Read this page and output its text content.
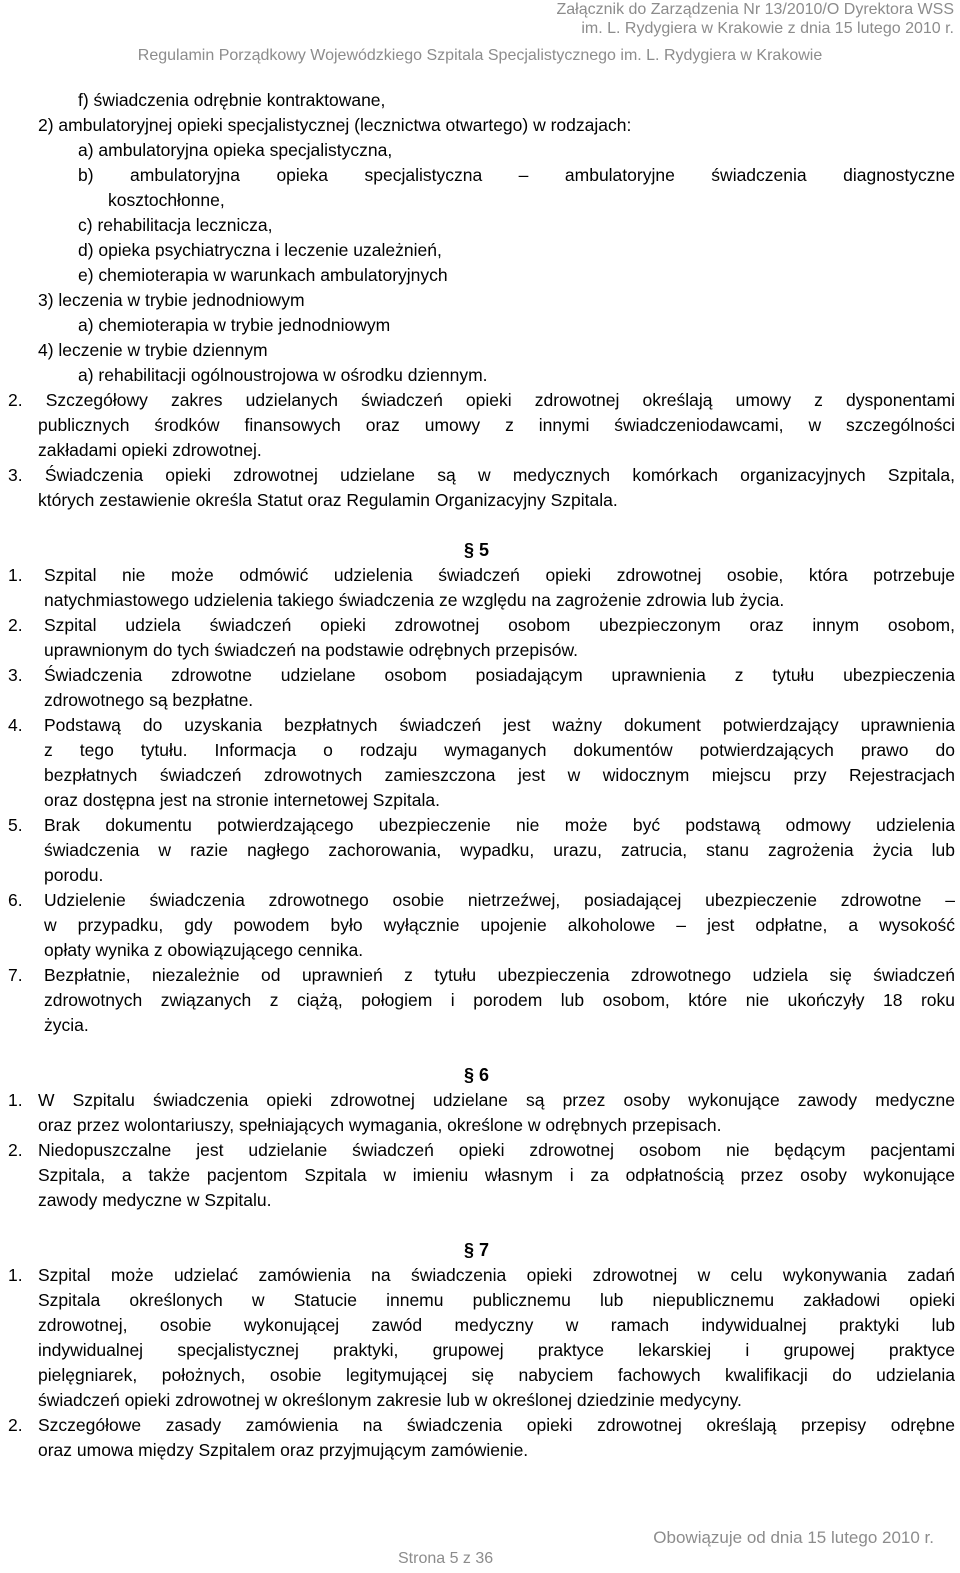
Załącznik do Zarządzenia Nr 13/2010/O Dyrektora WSS
im. L. Rydygiera w Krakowie z dnia 15 lutego 2010 r.
Regulamin Porządkowy Wojewódzkiego Szpitala Specjalistycznego im. L. Rydygiera w Krakowie
f) świadczenia odrębnie kontraktowane,
2) ambulatoryjnej opieki specjalistycznej (lecznictwa otwartego) w rodzajach:
a) ambulatoryjna opieka specjalistyczna,
b) ambulatoryjna opieka specjalistyczna – ambulatoryjne świadczenia diagnostyczne
kosztochłonne,
c) rehabilitacja lecznicza,
d) opieka psychiatryczna i leczenie uzależnień,
e) chemioterapia w warunkach ambulatoryjnych
3) leczenia w trybie jednodniowym
a) chemioterapia w trybie jednodniowym
4) leczenie w trybie dziennym
a) rehabilitacji ogólnoustrojowa w ośrodku dziennym.
2. Szczegółowy zakres udzielanych świadczeń opieki zdrowotnej określają umowy z dysponentami
publicznych środków finansowych oraz umowy z innymi świadczeniodawcami, w szczególności
zakładami opieki zdrowotnej.
3. Świadczenia opieki zdrowotnej udzielane są w medycznych komórkach organizacyjnych Szpitala,
których zestawienie określa Statut oraz Regulamin Organizacyjny Szpitala.
§ 5
1. Szpital nie może odmówić udzielenia świadczeń opieki zdrowotnej osobie, która potrzebuje
natychmiastowego udzielenia takiego świadczenia ze względu na zagrożenie zdrowia lub życia.
2. Szpital udziela świadczeń opieki zdrowotnej osobom ubezpieczonym oraz innym osobom,
uprawnionym do tych świadczeń na podstawie odrębnych przepisów.
3. Świadczenia zdrowotne udzielane osobom posiadającym uprawnienia z tytułu ubezpieczenia
zdrowotnego są bezpłatne.
4. Podstawą do uzyskania bezpłatnych świadczeń jest ważny dokument potwierdzający uprawnienia
z tego tytułu. Informacja o rodzaju wymaganych dokumentów potwierdzających prawo do
bezpłatnych świadczeń zdrowotnych zamieszczona jest w widocznym miejscu przy Rejestracjach
oraz dostępna jest na stronie internetowej Szpitala.
5. Brak dokumentu potwierdzającego ubezpieczenie nie może być podstawą odmowy udzielenia
świadczenia w razie nagłego zachorowania, wypadku, urazu, zatrucia, stanu zagrożenia życia lub
porodu.
6. Udzielenie świadczenia zdrowotnego osobie nietrzeźwej, posiadającej ubezpieczenie zdrowotne –
w przypadku, gdy powodem było wyłącznie upojenie alkoholowe – jest odpłatne, a wysokość
opłaty wynika z obowiązującego cennika.
7. Bezpłatnie, niezależnie od uprawnień z tytułu ubezpieczenia zdrowotnego udziela się świadczeń
zdrowotnych związanych z ciążą, połogiem i porodem lub osobom, które nie ukończyły 18 roku
życia.
§ 6
1. W Szpitalu świadczenia opieki zdrowotnej udzielane są przez osoby wykonujące zawody medyczne
oraz przez wolontariuszy, spełniających wymagania, określone w odrębnych przepisach.
2. Niedopuszczalne jest udzielanie świadczeń opieki zdrowotnej osobom nie będącym pacjentami
Szpitala, a także pacjentom Szpitala w imieniu własnym i za odpłatnością przez osoby wykonujące
zawody medyczne w Szpitalu.
§ 7
1. Szpital może udzielać zamówienia na świadczenia opieki zdrowotnej w celu wykonywania zadań
Szpitala określonych w Statucie innemu publicznemu lub niepublicznemu zakładowi opieki
zdrowotnej, osobie wykonującej zawód medyczny w ramach indywidualnej praktyki lub
indywidualnej specjalistycznej praktyki, grupowej praktyce lekarskiej i grupowej praktyce
pielęgniarek, położnych, osobie legitymującej się nabyciem fachowych kwalifikacji do udzielania
świadczeń opieki zdrowotnej w określonym zakresie lub w określonej dziedzinie medycyny.
2. Szczegółowe zasady zamówienia na świadczenia opieki zdrowotnej określają przepisy odrębne
oraz umowa między Szpitalem oraz przyjmującym zamówienie.
Obowiązuje od dnia 15 lutego 2010 r.
Strona 5 z 36
